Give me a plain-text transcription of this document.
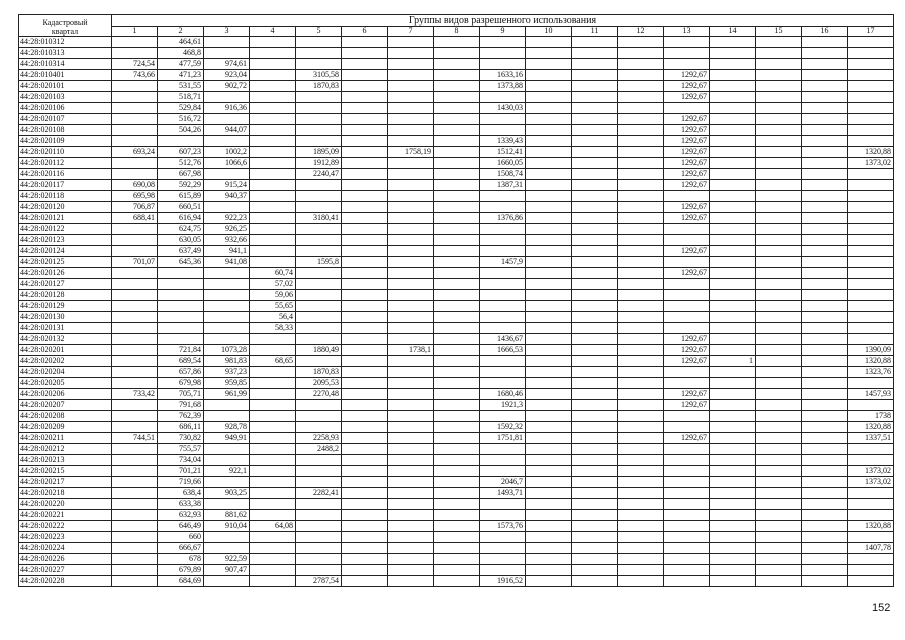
Кадастровый	Группы видов разрешенного использования																
квартал	1	2	3	4	5	6	7	8	9	10	11	12	13	14	15	16	17
44:28:010312		464,61															
44:28:010313		468,8															
44:28:010314	724,54	477,59	974,61														
44:28:010401	743,66	471,23	923,04		3105,58				1633,16				1292,67				
44:28:020101		531,55	902,72		1870,83				1373,88				1292,67				
44:28:020103		518,71											1292,67				
44:28:020106		529,84	916,36						1430,03								
44:28:020107		516,72											1292,67				
44:28:020108		504,26	944,07										1292,67				
44:28:020109									1339,43				1292,67				
44:28:020110	693,24	607,23	1002,2		1895,09		1758,19		1512,41				1292,67				1320,88
44:28:020112		512,76	1066,6		1912,89				1660,05				1292,67				1373,02
44:28:020116		667,98			2240,47				1508,74				1292,67				
44:28:020117	690,08	592,29	915,24						1387,31				1292,67				
44:28:020118	695,98	615,89	940,37														
44:28:020120	706,87	660,51											1292,67				
44:28:020121	688,41	616,94	922,23		3180,41				1376,86				1292,67				
44:28:020122		624,75	926,25														
44:28:020123		630,05	932,66														
44:28:020124		637,49	941,1										1292,67				
44:28:020125	701,07	645,36	941,08		1595,8				1457,9								
44:28:020126				60,74									1292,67				
44:28:020127				57,02													
44:28:020128				59,06													
44:28:020129				55,65													
44:28:020130				56,4													
44:28:020131				58,33													
44:28:020132									1436,67				1292,67				
44:28:020201		721,84	1073,28		1880,49		1738,1		1666,53				1292,67				1390,09
44:28:020202		689,54	981,83	68,65									1292,67	1			1320,88
44:28:020204		657,86	937,23		1870,83												1323,76
44:28:020205		679,98	959,85		2095,53												
44:28:020206	733,42	705,71	961,99		2270,48				1680,46				1292,67				1457,93
44:28:020207		791,68							1921,3				1292,67				
44:28:020208		762,39															1738
44:28:020209		686,11	928,78						1592,32								1320,88
44:28:020211	744,51	730,82	949,91		2258,93				1751,81				1292,67				1337,51
44:28:020212		755,57			2488,2												
44:28:020213		734,04															
44:28:020215		701,21	922,1														1373,02
44:28:020217		719,66							2046,7								1373,02
44:28:020218		638,4	903,25		2282,41				1493,71								
44:28:020220		633,38															
44:28:020221		632,93	881,62														
44:28:020222		646,49	910,04	64,08					1573,76								1320,88
44:28:020223		660															
44:28:020224		666,67															1407,78
44:28:020226		678	922,59														
44:28:020227		679,89	907,47														
44:28:020228		684,69			2787,54				1916,52								
152
